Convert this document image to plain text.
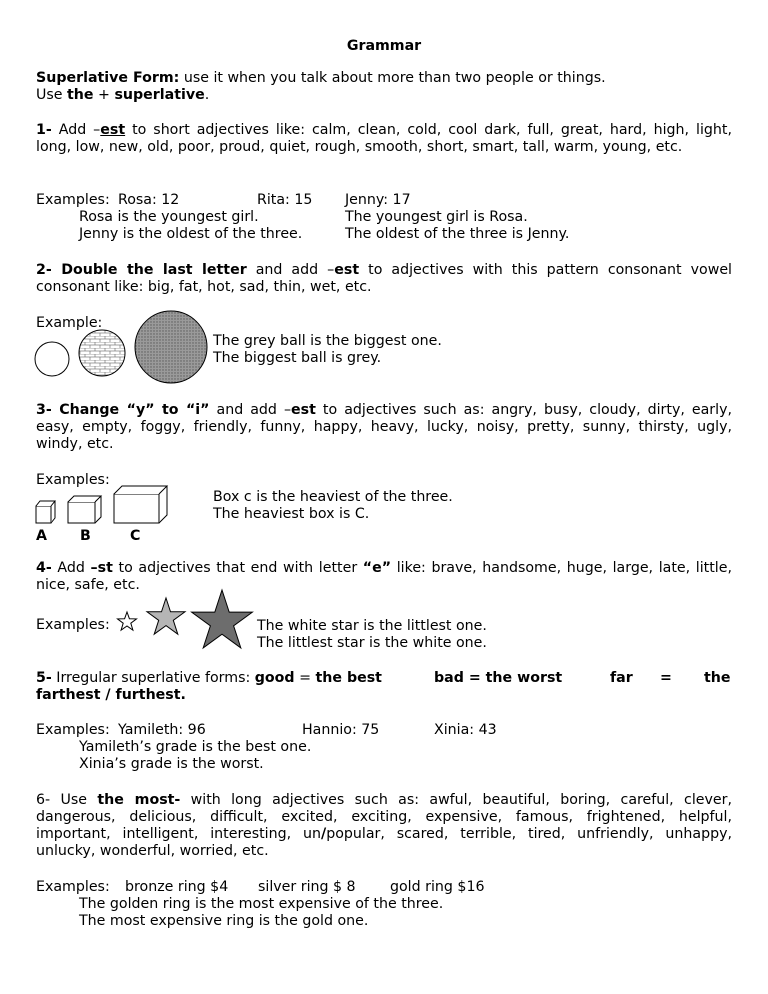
Grammar
Superlative Form: use it when you talk about more than two people or things.
Use the + superlative.
1- Add –est to short adjectives like: calm, clean, cold, cool dark, full, great, hard, high, light, long, low, new, old, poor, proud, quiet, rough, smooth, short, smart, tall, warm, young, etc.
Examples: Rosa: 12	Rita: 15 Jenny: 17
Rosa is the youngest girl.
Jenny is the oldest of the three.
The youngest girl is Rosa.
The oldest of the three is Jenny.
2- Double the last letter and add –est to adjectives with this pattern consonant vowel consonant like: big, fat, hot, sad, thin, wet, etc.
Example:
The grey ball is the biggest one.
The biggest ball is grey.
3- Change “y” to “i” and add –est to adjectives such as: angry, busy, cloudy, dirty, early, easy, empty, foggy, friendly, funny, happy, heavy, lucky, noisy, pretty, sunny, thirsty, ugly, windy, etc.
Examples:
A B	C
Box c is the heaviest of the three.
The heaviest box is C.
4- Add –st to adjectives that end with letter “e” like: brave, handsome, huge, large, late, little, nice, safe, etc.
Examples:	The white star is the littlest one.
The littlest star is the white one.
5- Irregular superlative forms: good = the best	bad = the worst	far = the
farthest / furthest.
Examples: Yamileth: 96	Hannio: 75	Xinia: 43
Yamileth’s grade is the best one.
Xinia’s grade is the worst.
6- Use the most- with long adjectives such as: awful, beautiful, boring, careful, clever, dangerous, delicious, difficult, excited, exciting, expensive, famous, frightened, helpful, important, intelligent, interesting, un/popular, scared, terrible, tired, unfriendly, unhappy, unlucky, wonderful, worried, etc.
Examples: bronze ring $4 silver ring $ 8 gold ring $16
The golden ring is the most expensive of the three.
The most expensive ring is the gold one.
